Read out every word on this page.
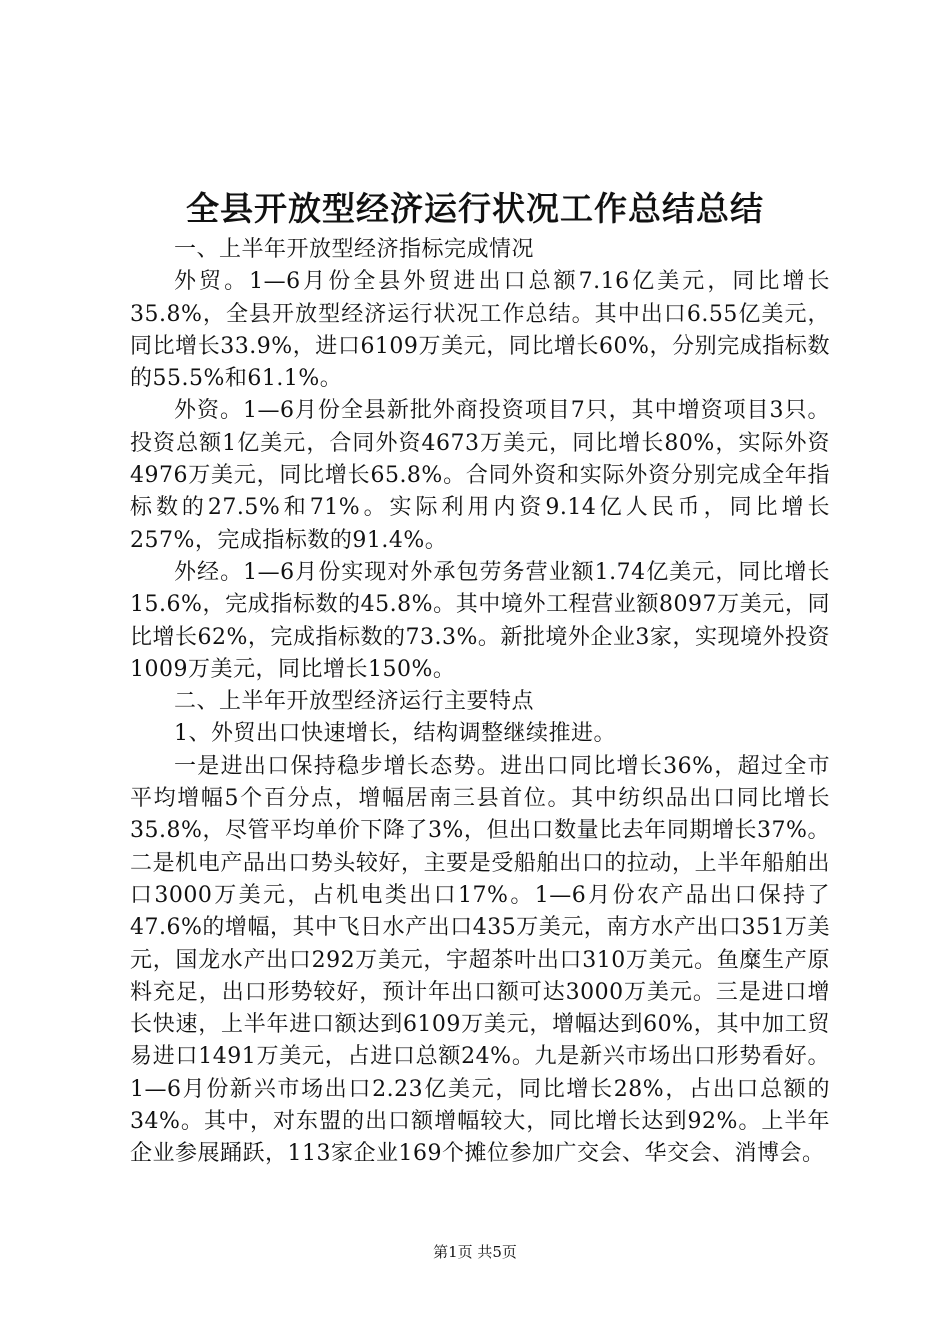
全县开放型经济运行状况工作总结总结

一、上半年开放型经济指标完成情况

外贸。1—6月份全县外贸进出口总额7.16亿美元，同比增长35.8%，全县开放型经济运行状况工作总结。其中出口6.55亿美元，同比增长33.9%，进口6109万美元，同比增长60%，分别完成指标数的55.5%和61.1%。

外资。1—6月份全县新批外商投资项目7只，其中增资项目3只。投资总额1亿美元，合同外资4673万美元，同比增长80%，实际外资4976万美元，同比增长65.8%。合同外资和实际外资分别完成全年指标数的27.5%和71%。实际利用内资9.14亿人民币，同比增长257%，完成指标数的91.4%。

外经。1—6月份实现对外承包劳务营业额1.74亿美元，同比增长15.6%，完成指标数的45.8%。其中境外工程营业额8097万美元，同比增长62%，完成指标数的73.3%。新批境外企业3家，实现境外投资1009万美元，同比增长150%。

二、上半年开放型经济运行主要特点

1、外贸出口快速增长，结构调整继续推进。

一是进出口保持稳步增长态势。进出口同比增长36%，超过全市平均增幅5个百分点，增幅居南三县首位。其中纺织品出口同比增长35.8%，尽管平均单价下降了3%，但出口数量比去年同期增长37%。二是机电产品出口势头较好，主要是受船舶出口的拉动，上半年船舶出口3000万美元，占机电类出口17%。1—6月份农产品出口保持了47.6%的增幅，其中飞日水产出口435万美元，南方水产出口351万美元，国龙水产出口292万美元，宇超茶叶出口310万美元。鱼糜生产原料充足，出口形势较好，预计年出口额可达3000万美元。三是进口增长快速，上半年进口额达到6109万美元，增幅达到60%，其中加工贸易进口1491万美元，占进口总额24%。九是新兴市场出口形势看好。1—6月份新兴市场出口2.23亿美元，同比增长28%，占出口总额的34%。其中，对东盟的出口额增幅较大，同比增长达到92%。上半年企业参展踊跃，113家企业169个摊位参加广交会、华交会、消博会。

第1页 共5页
